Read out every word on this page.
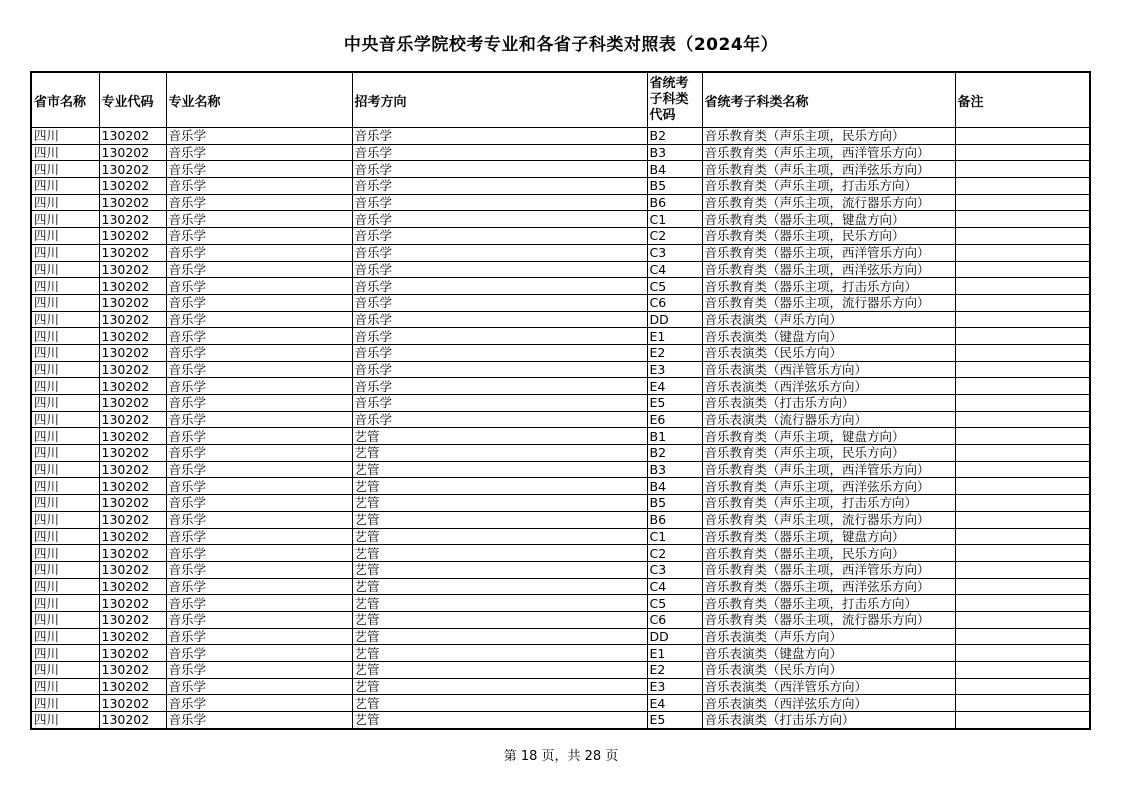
中央音乐学院校考专业和各省子科类对照表（2024年）
省市名称	专业代码	专业名称	招考方向	省统考子科类代码	省统考子科类名称	备注
四川	130202	音乐学	音乐学	B2	音乐教育类（声乐主项，民乐方向）	
四川	130202	音乐学	音乐学	B3	音乐教育类（声乐主项，西洋管乐方向）	
四川	130202	音乐学	音乐学	B4	音乐教育类（声乐主项，西洋弦乐方向）	
四川	130202	音乐学	音乐学	B5	音乐教育类（声乐主项，打击乐方向）	
四川	130202	音乐学	音乐学	B6	音乐教育类（声乐主项，流行器乐方向）	
四川	130202	音乐学	音乐学	C1	音乐教育类（器乐主项，键盘方向）	
四川	130202	音乐学	音乐学	C2	音乐教育类（器乐主项，民乐方向）	
四川	130202	音乐学	音乐学	C3	音乐教育类（器乐主项，西洋管乐方向）	
四川	130202	音乐学	音乐学	C4	音乐教育类（器乐主项，西洋弦乐方向）	
四川	130202	音乐学	音乐学	C5	音乐教育类（器乐主项，打击乐方向）	
四川	130202	音乐学	音乐学	C6	音乐教育类（器乐主项，流行器乐方向）	
四川	130202	音乐学	音乐学	DD	音乐表演类（声乐方向）	
四川	130202	音乐学	音乐学	E1	音乐表演类（键盘方向）	
四川	130202	音乐学	音乐学	E2	音乐表演类（民乐方向）	
四川	130202	音乐学	音乐学	E3	音乐表演类（西洋管乐方向）	
四川	130202	音乐学	音乐学	E4	音乐表演类（西洋弦乐方向）	
四川	130202	音乐学	音乐学	E5	音乐表演类（打击乐方向）	
四川	130202	音乐学	音乐学	E6	音乐表演类（流行器乐方向）	
四川	130202	音乐学	艺管	B1	音乐教育类（声乐主项，键盘方向）	
四川	130202	音乐学	艺管	B2	音乐教育类（声乐主项，民乐方向）	
四川	130202	音乐学	艺管	B3	音乐教育类（声乐主项，西洋管乐方向）	
四川	130202	音乐学	艺管	B4	音乐教育类（声乐主项，西洋弦乐方向）	
四川	130202	音乐学	艺管	B5	音乐教育类（声乐主项，打击乐方向）	
四川	130202	音乐学	艺管	B6	音乐教育类（声乐主项，流行器乐方向）	
四川	130202	音乐学	艺管	C1	音乐教育类（器乐主项，键盘方向）	
四川	130202	音乐学	艺管	C2	音乐教育类（器乐主项，民乐方向）	
四川	130202	音乐学	艺管	C3	音乐教育类（器乐主项，西洋管乐方向）	
四川	130202	音乐学	艺管	C4	音乐教育类（器乐主项，西洋弦乐方向）	
四川	130202	音乐学	艺管	C5	音乐教育类（器乐主项，打击乐方向）	
四川	130202	音乐学	艺管	C6	音乐教育类（器乐主项，流行器乐方向）	
四川	130202	音乐学	艺管	DD	音乐表演类（声乐方向）	
四川	130202	音乐学	艺管	E1	音乐表演类（键盘方向）	
四川	130202	音乐学	艺管	E2	音乐表演类（民乐方向）	
四川	130202	音乐学	艺管	E3	音乐表演类（西洋管乐方向）	
四川	130202	音乐学	艺管	E4	音乐表演类（西洋弦乐方向）	
四川	130202	音乐学	艺管	E5	音乐表演类（打击乐方向）	
第 18 页，共 28 页
